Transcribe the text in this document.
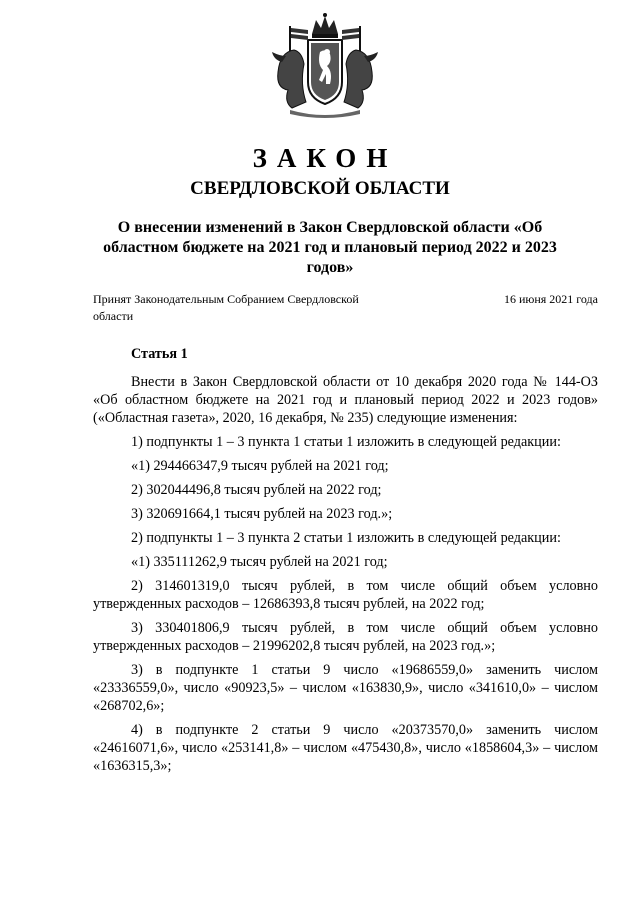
ЗАКОН
СВЕРДЛОВСКОЙ ОБЛАСТИ
О внесении изменений в Закон Свердловской области «Об областном бюджете на 2021 год и плановый период 2022 и 2023 годов»
Принят Законодательным Собранием Свердловской области
16 июня 2021 года
Статья 1

Внести в Закон Свердловской области от 10 декабря 2020 года № 144-ОЗ «Об областном бюджете на 2021 год и плановый период 2022 и 2023 годов» («Областная газета», 2020, 16 декабря, № 235) следующие изменения:

1) подпункты 1 – 3 пункта 1 статьи 1 изложить в следующей редакции:

«1) 294466347,9 тысяч рублей на 2021 год;

2) 302044496,8 тысяч рублей на 2022 год;

3) 320691664,1 тысяч рублей на 2023 год.»;

2) подпункты 1 – 3 пункта 2 статьи 1 изложить в следующей редакции:

«1) 335111262,9 тысяч рублей на 2021 год;

2) 314601319,0 тысяч рублей, в том числе общий объем условно утвержденных расходов – 12686393,8 тысяч рублей, на 2022 год;

3) 330401806,9 тысяч рублей, в том числе общий объем условно утвержденных расходов – 21996202,8 тысяч рублей, на 2023 год.»;

3) в подпункте 1 статьи 9 число «19686559,0» заменить числом «23336559,0», число «90923,5» – числом «163830,9», число «341610,0» – числом «268702,6»;

4) в подпункте 2 статьи 9 число «20373570,0» заменить числом «24616071,6», число «253141,8» – числом «475430,8», число «1858604,3» – числом «1636315,3»;
